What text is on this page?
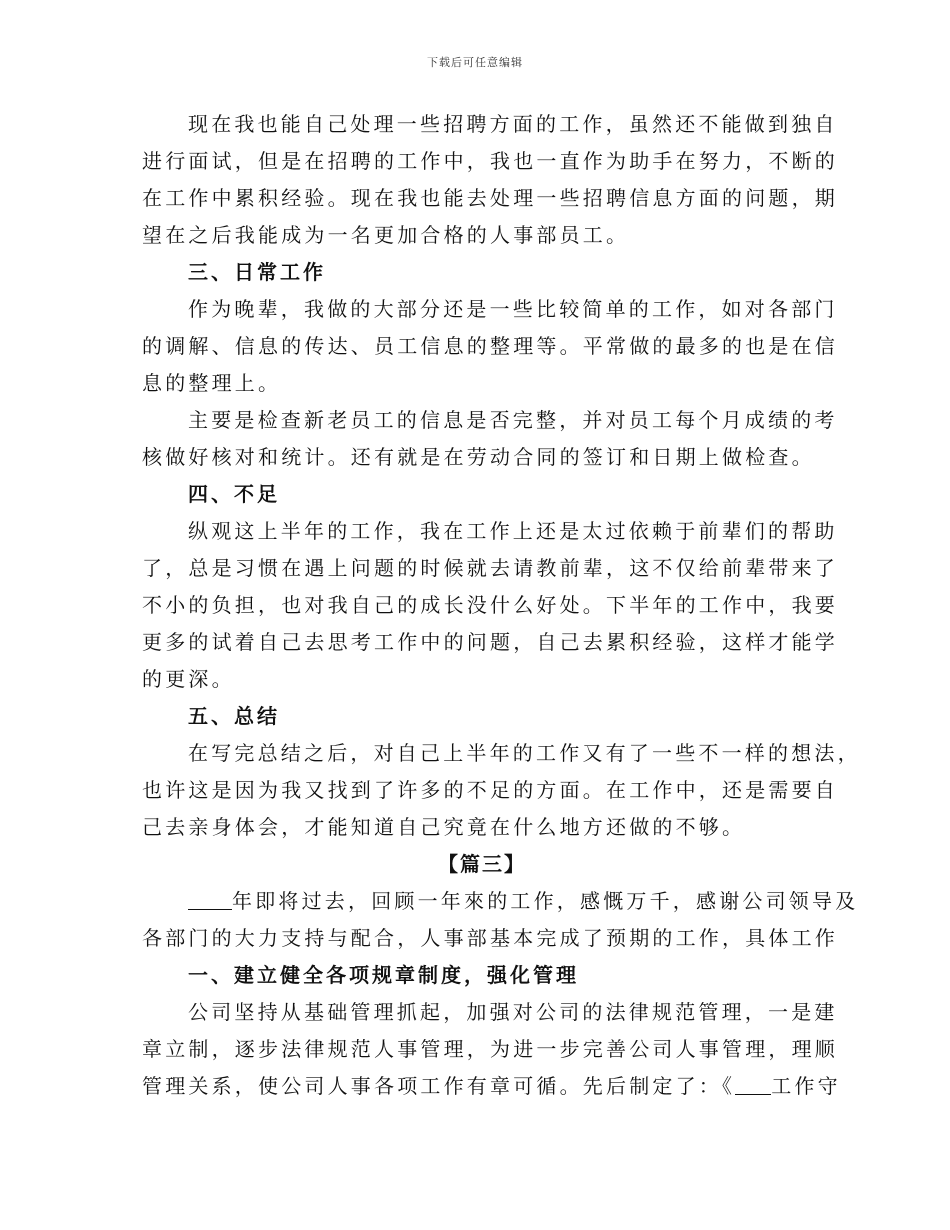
下载后可任意编辑
现在我也能自己处理一些招聘方面的工作，虽然还不能做到独自
进行面试，但是在招聘的工作中，我也一直作为助手在努力，不断的
在工作中累积经验。现在我也能去处理一些招聘信息方面的问题，期
望在之后我能成为一名更加合格的人事部员工。
三、日常工作
作为晚辈，我做的大部分还是一些比较简单的工作，如对各部门
的调解、信息的传达、员工信息的整理等。平常做的最多的也是在信
息的整理上。
主要是检查新老员工的信息是否完整，并对员工每个月成绩的考
核做好核对和统计。还有就是在劳动合同的签订和日期上做检查。
四、不足
纵观这上半年的工作，我在工作上还是太过依赖于前辈们的帮助
了，总是习惯在遇上问题的时候就去请教前辈，这不仅给前辈带来了
不小的负担，也对我自己的成长没什么好处。下半年的工作中，我要
更多的试着自己去思考工作中的问题，自己去累积经验，这样才能学
的更深。
五、总结
在写完总结之后，对自己上半年的工作又有了一些不一样的想法，
也许这是因为我又找到了许多的不足的方面。在工作中，还是需要自
己去亲身体会，才能知道自己究竟在什么地方还做的不够。
【篇三】
年即将过去，回顾一年來的工作，感慨万千，感谢公司领导及
各部门的大力支持与配合，人事部基本完成了预期的工作，具体工作
一、建立健全各项规章制度，强化管理
公司坚持从基础管理抓起，加强对公司的法律规范管理，一是建
章立制，逐步法律规范人事管理，为进一步完善公司人事管理，理顺
管理关系，使公司人事各项工作有章可循。先后制定了：《 工作守
